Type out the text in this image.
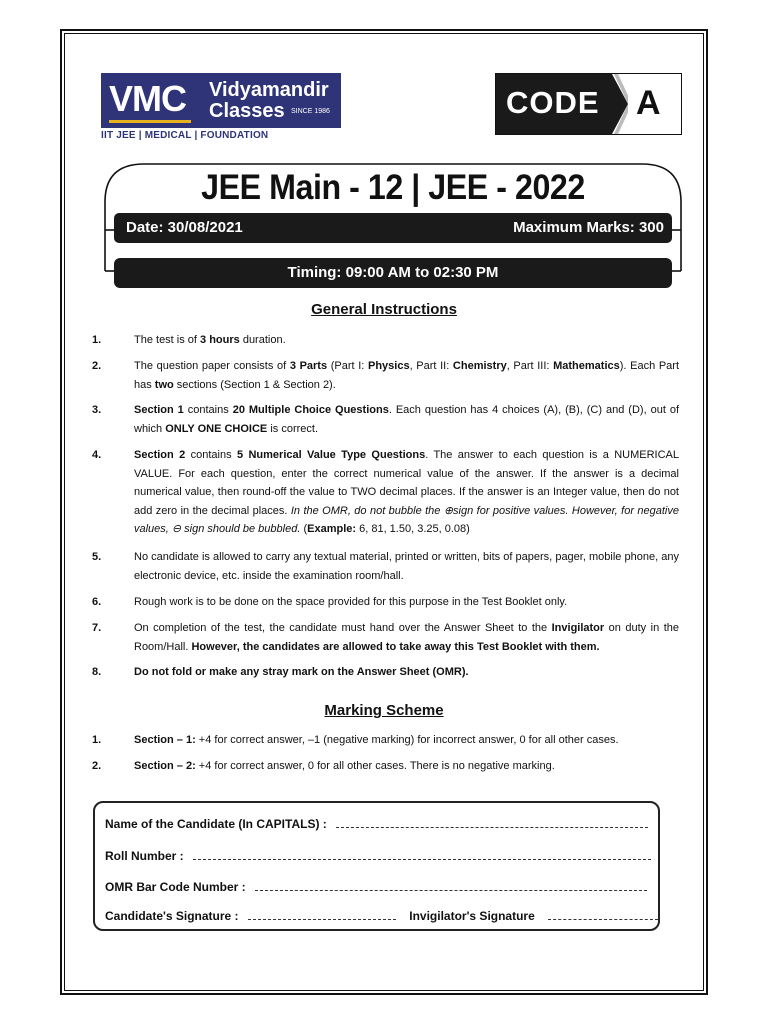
VMC Vidyamandir
Classes SINCE 1986
IIT JEE | MEDICAL | FOUNDATION
CODE A
JEE Main - 12 | JEE - 2022
Date: 30/08/2021	Maximum Marks: 300
Timing: 09:00 AM to 02:30 PM
General Instructions
1.	The test is of 3 hours duration.
2.	The question paper consists of 3 Parts (Part I: Physics, Part II: Chemistry, Part III: Mathematics). Each Part has two sections (Section 1 & Section 2).
3.	Section 1 contains 20 Multiple Choice Questions. Each question has 4 choices (A), (B), (C) and (D), out of which ONLY ONE CHOICE is correct.
4.	Section 2 contains 5 Numerical Value Type Questions. The answer to each question is a NUMERICAL VALUE. For each question, enter the correct numerical value of the answer. If the answer is a decimal numerical value, then round-off the value to TWO decimal places. If the answer is an Integer value, then do not add zero in the decimal places. In the OMR, do not bubble the ⊕sign for positive values. However, for negative values, ⊖ sign should be bubbled. (Example: 6, 81, 1.50, 3.25, 0.08)
5.	No candidate is allowed to carry any textual material, printed or written, bits of papers, pager, mobile phone, any electronic device, etc. inside the examination room/hall.
6.	Rough work is to be done on the space provided for this purpose in the Test Booklet only.
7.	On completion of the test, the candidate must hand over the Answer Sheet to the Invigilator on duty in the Room/Hall. However, the candidates are allowed to take away this Test Booklet with them.
8.	Do not fold or make any stray mark on the Answer Sheet (OMR).
Marking Scheme
1.	Section – 1: +4 for correct answer, –1 (negative marking) for incorrect answer, 0 for all other cases.
2.	Section – 2: +4 for correct answer, 0 for all other cases. There is no negative marking.
Name of the Candidate (In CAPITALS) :
Roll Number :
OMR Bar Code Number :
Candidate's Signature :	Invigilator's Signature
